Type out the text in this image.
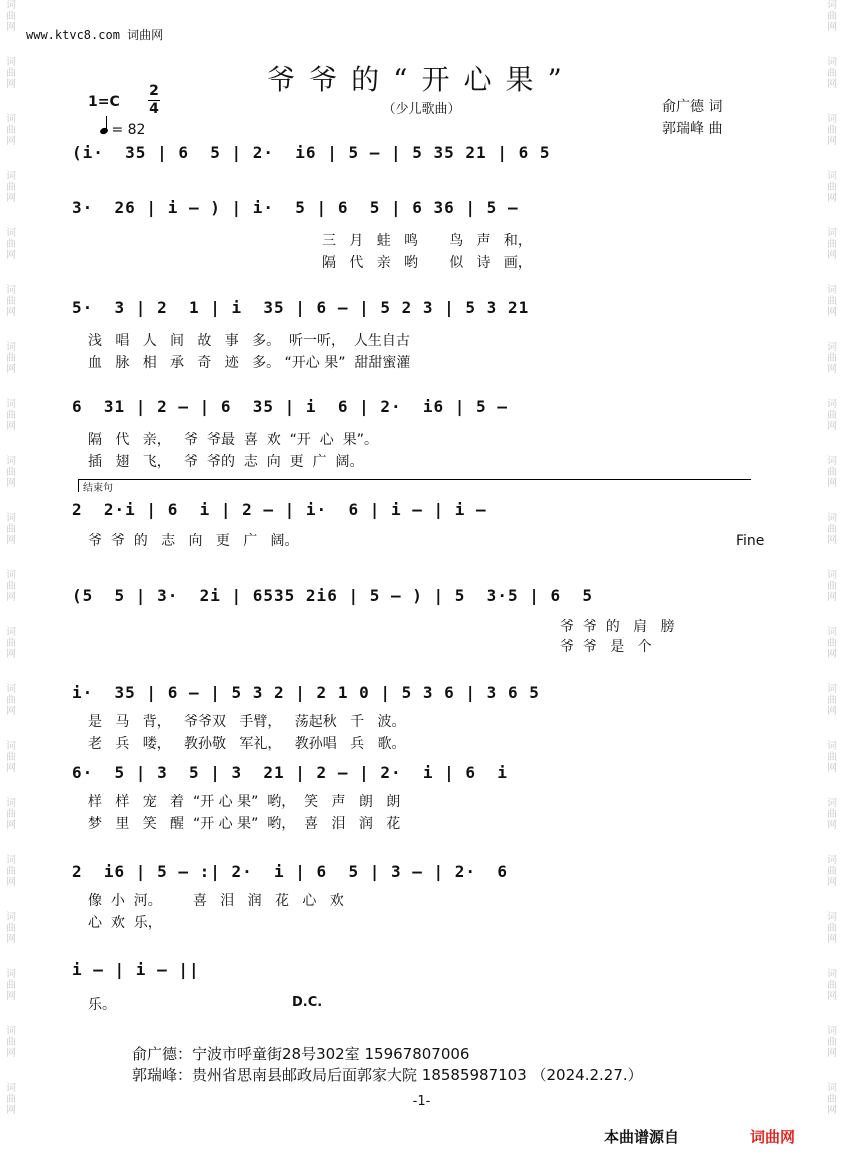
词
曲
网
词
曲
网
词
曲
网
词
曲
网
词
曲
网
词
曲
网
词
曲
网
词
曲
网
词
曲
网
词
曲
网
词
曲
网
词
曲
网
词
曲
网
词
曲
网
词
曲
网
词
曲
网
词
曲
网
词
曲
网
词
曲
网
词
曲
网
词
曲
网
词
曲
网
词
曲
网
词
曲
网
词
曲
网
词
曲
网
词
曲
网
词
曲
网
词
曲
网
词
曲
网
词
曲
网
词
曲
网
词
曲
网
词
曲
网
词
曲
网
词
曲
网
词
曲
网
词
曲
网
词
曲
网
词
曲
网
www.ktvc8.com 词曲网
爷爷的“开心果”
（少儿歌曲）	俞广德 词
郭瑞峰 曲
1=C
2
4
= 82
(i·  35 | 6  5 | 2·  i6 | 5 — | 5 35 21 | 6 5
3·  26 | i — ) | i·  5 | 6  5 | 6 36 | 5 —
三   月   蛙   鸣       鸟   声   和，
隔   代   亲   哟       似   诗   画，
5·  3 | 2  1 | i  35 | 6 — | 5 2 3 | 5 3 21
浅   唱   人   间   故   事   多。  听一听，  人生自古
血   脉   相   承   奇   迹   多。 “开心 果”  甜甜蜜灌
6  31 | 2 — | 6  35 | i  6 | 2·  i6 | 5 —
隔   代   亲，   爷  爷最  喜  欢  “开  心  果”。
插   翅   飞，   爷  爷的  志  向  更  广  阔。
2  2·i | 6  i | 2 — | i·  6 | i — | i —
爷  爷  的   志   向   更   广   阔。
(5  5 | 3·  2i | 6535 2i6 | 5 — ) | 5  3·5 | 6  5
爷  爷  的   肩   膀
爷  爷   是   个
i·  35 | 6 — | 5 3 2 | 2 1 0 | 5 3 6 | 3 6 5
是   马   背，   爷爷双   手臂，   荡起秋   千   波。
老   兵   喽，   教孙敬   军礼，   教孙唱   兵   歌。
6·  5 | 3  5 | 3  21 | 2 — | 2·  i | 6  i
样   样   宠   着  “开 心 果”  哟，  笑   声   朗   朗
梦   里   笑   醒  “开 心 果”  哟，  喜   泪   润   花
2  i6 | 5 — :| 2·  i | 6  5 | 3 — | 2·  6
像  小  河。       喜   泪   润   花   心   欢
心  欢  乐，
i — | i — ||
乐。
结束句
Fine
D.C.
俞广德：宁波市呼童街28号302室 15967807006
郭瑞峰：贵州省思南县邮政局后面郭家大院 18585987103 （2024.2.27.）
-1-
本曲谱源自	词曲网
